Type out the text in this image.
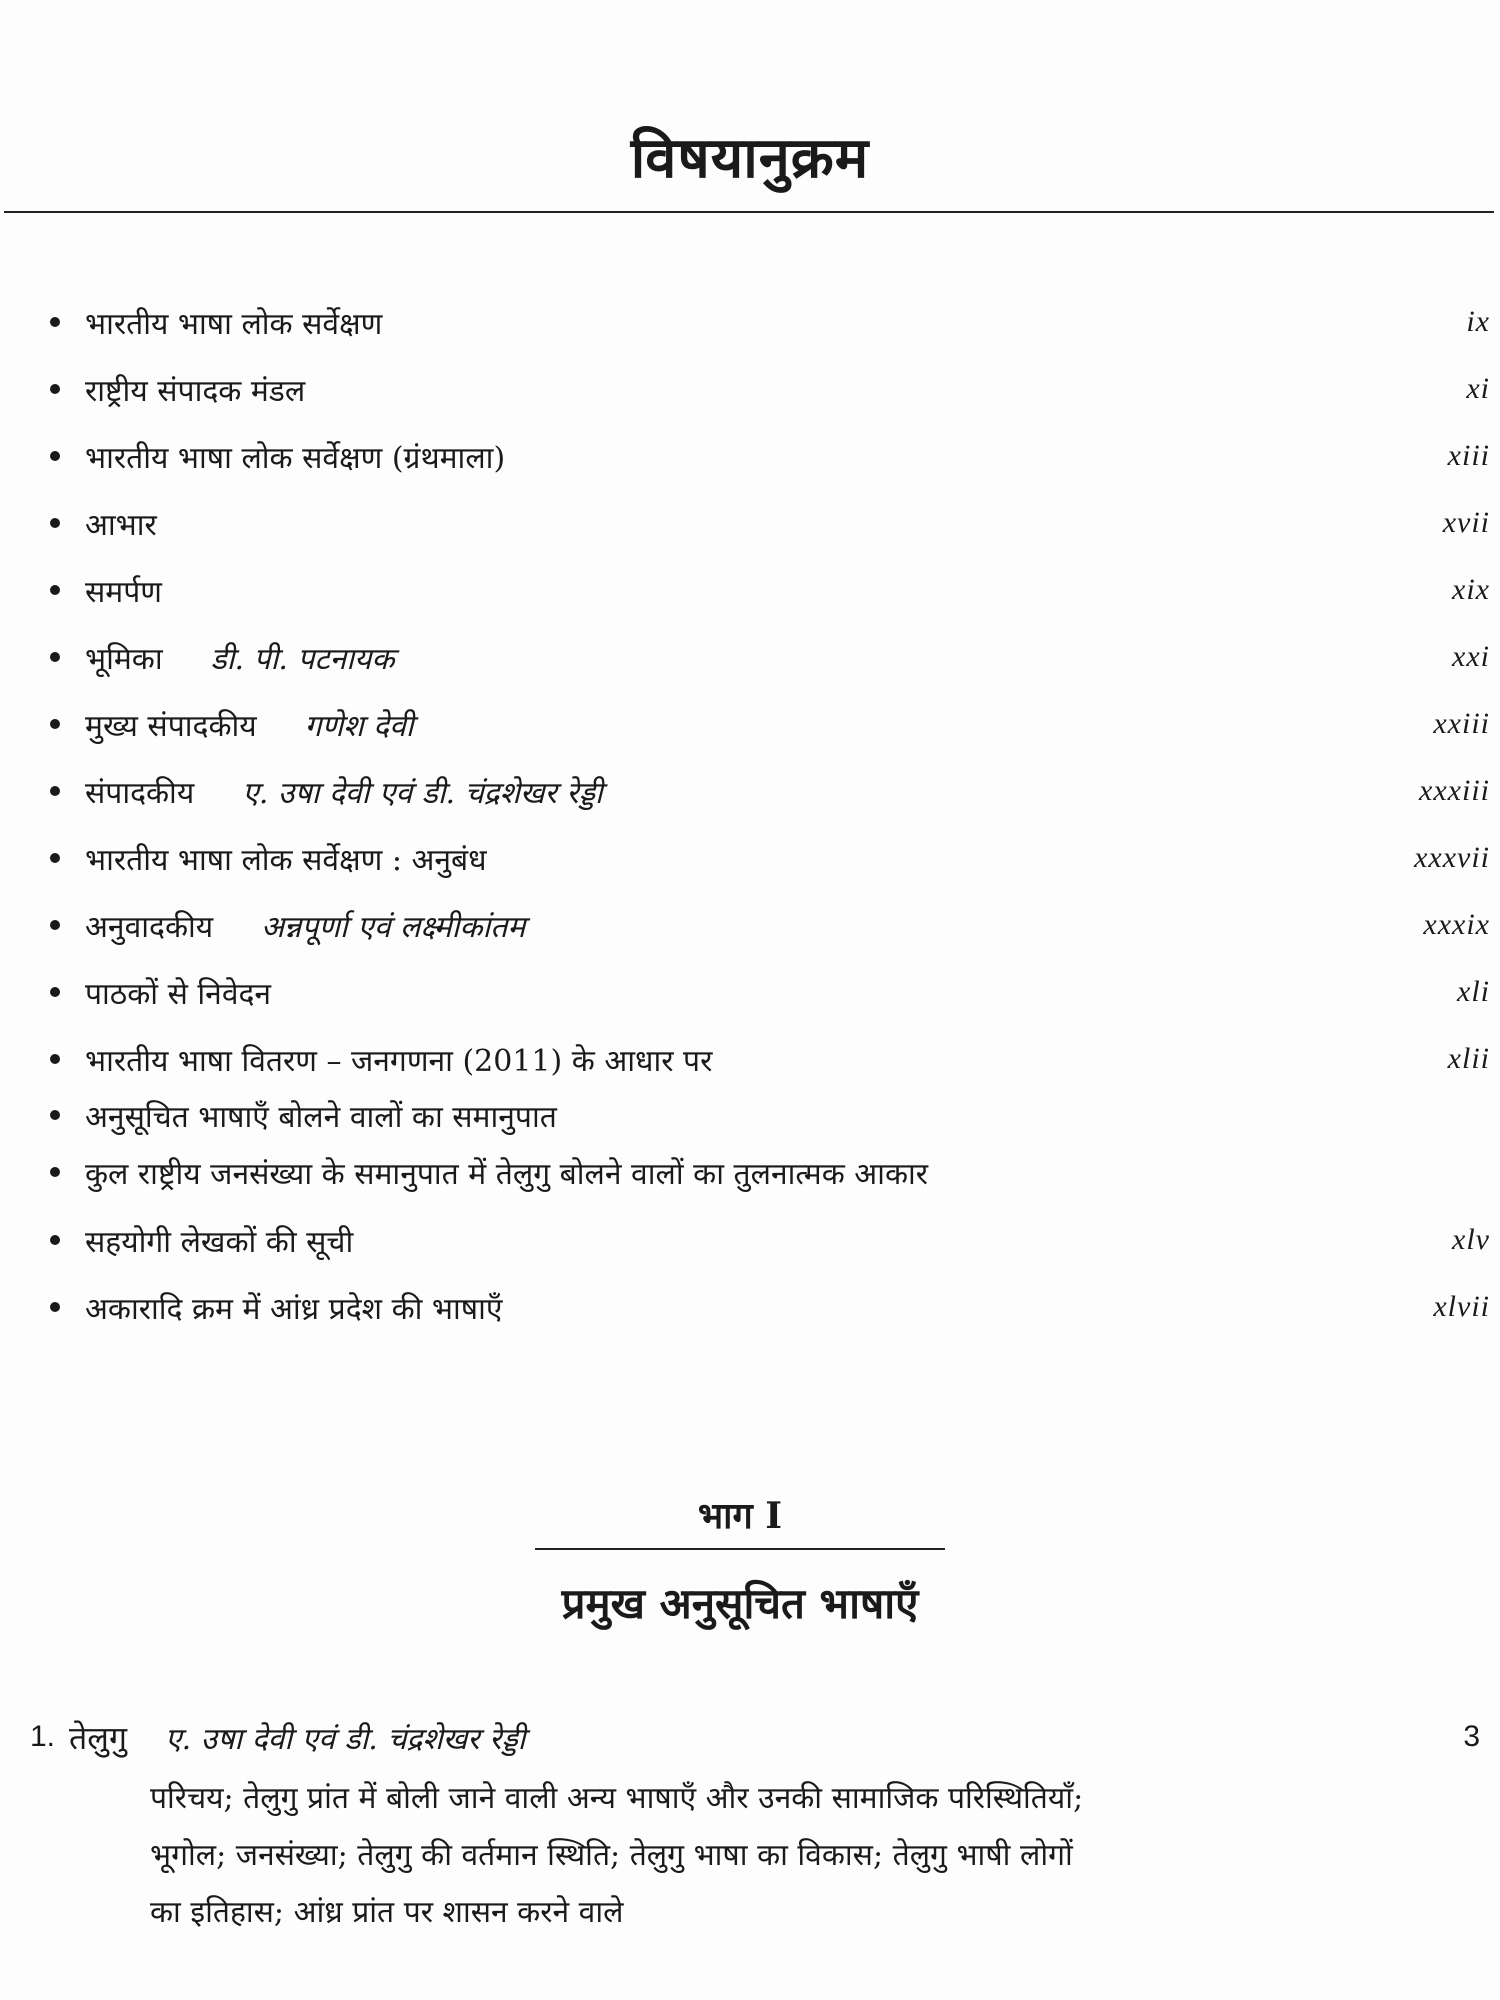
विषयानुक्रम
भारतीय भाषा लोक सर्वेक्षण	ix
राष्ट्रीय संपादक मंडल	xi
भारतीय भाषा लोक सर्वेक्षण (ग्रंथमाला)	xiii
आभार	xvii
समर्पण	xix
भूमिका डी. पी. पटनायक	xxi
मुख्य संपादकीय गणेश देवी	xxiii
संपादकीय ए. उषा देवी एवं डी. चंद्रशेखर रेड्डी	xxxiii
भारतीय भाषा लोक सर्वेक्षण : अनुबंध	xxxvii
अनुवादकीय अन्नपूर्णा एवं लक्ष्मीकांतम	xxxix
पाठकों से निवेदन	xli
भारतीय भाषा वितरण – जनगणना (2011) के आधार पर	xlii
अनुसूचित भाषाएँ बोलने वालों का समानुपात
कुल राष्ट्रीय जनसंख्या के समानुपात में तेलुगु बोलने वालों का तुलनात्मक आकार
सहयोगी लेखकों की सूची	xlv
अकारादि क्रम में आंध्र प्रदेश की भाषाएँ	xlvii
भाग I
प्रमुख अनुसूचित भाषाएँ
1. तेलुगु ए. उषा देवी एवं डी. चंद्रशेखर रेड्डी	3

परिचय; तेलुगु प्रांत में बोली जाने वाली अन्य भाषाएँ और उनकी सामाजिक परिस्थितियाँ; भूगोल; जनसंख्या; तेलुगु की वर्तमान स्थिति; तेलुगु भाषा का विकास; तेलुगु भाषी लोगों का इतिहास; आंध्र प्रांत पर शासन करने वाले
